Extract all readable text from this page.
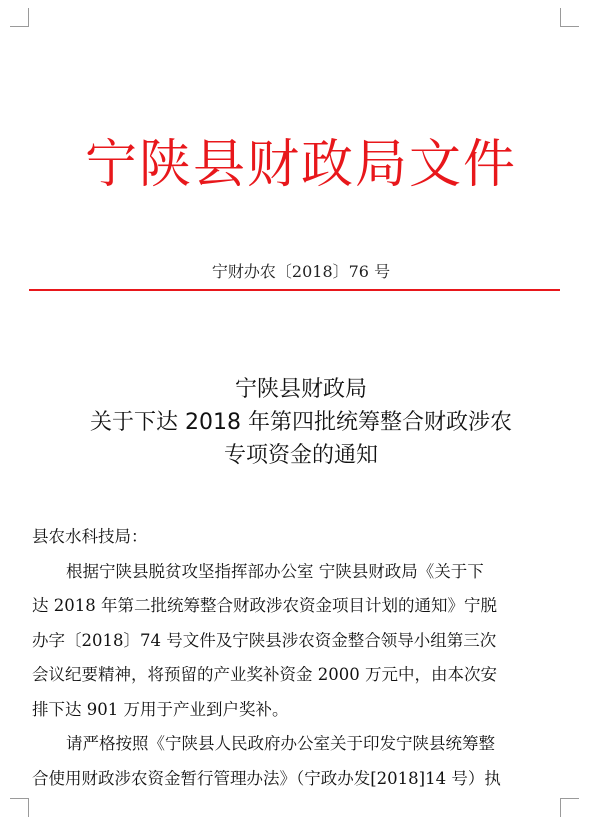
宁陕县财政局文件
宁财办农〔2018〕76 号
宁陕县财政局
关于下达 2018 年第四批统筹整合财政涉农
专项资金的通知
县农水科技局：
根据宁陕县脱贫攻坚指挥部办公室 宁陕县财政局《关于下
达 2018 年第二批统筹整合财政涉农资金项目计划的通知》宁脱
办字〔2018〕74 号文件及宁陕县涉农资金整合领导小组第三次
会议纪要精神，将预留的产业奖补资金 2000 万元中，由本次安
排下达 901 万用于产业到户奖补。
请严格按照《宁陕县人民政府办公室关于印发宁陕县统筹整
合使用财政涉农资金暂行管理办法》（宁政办发[2018]14 号）执
